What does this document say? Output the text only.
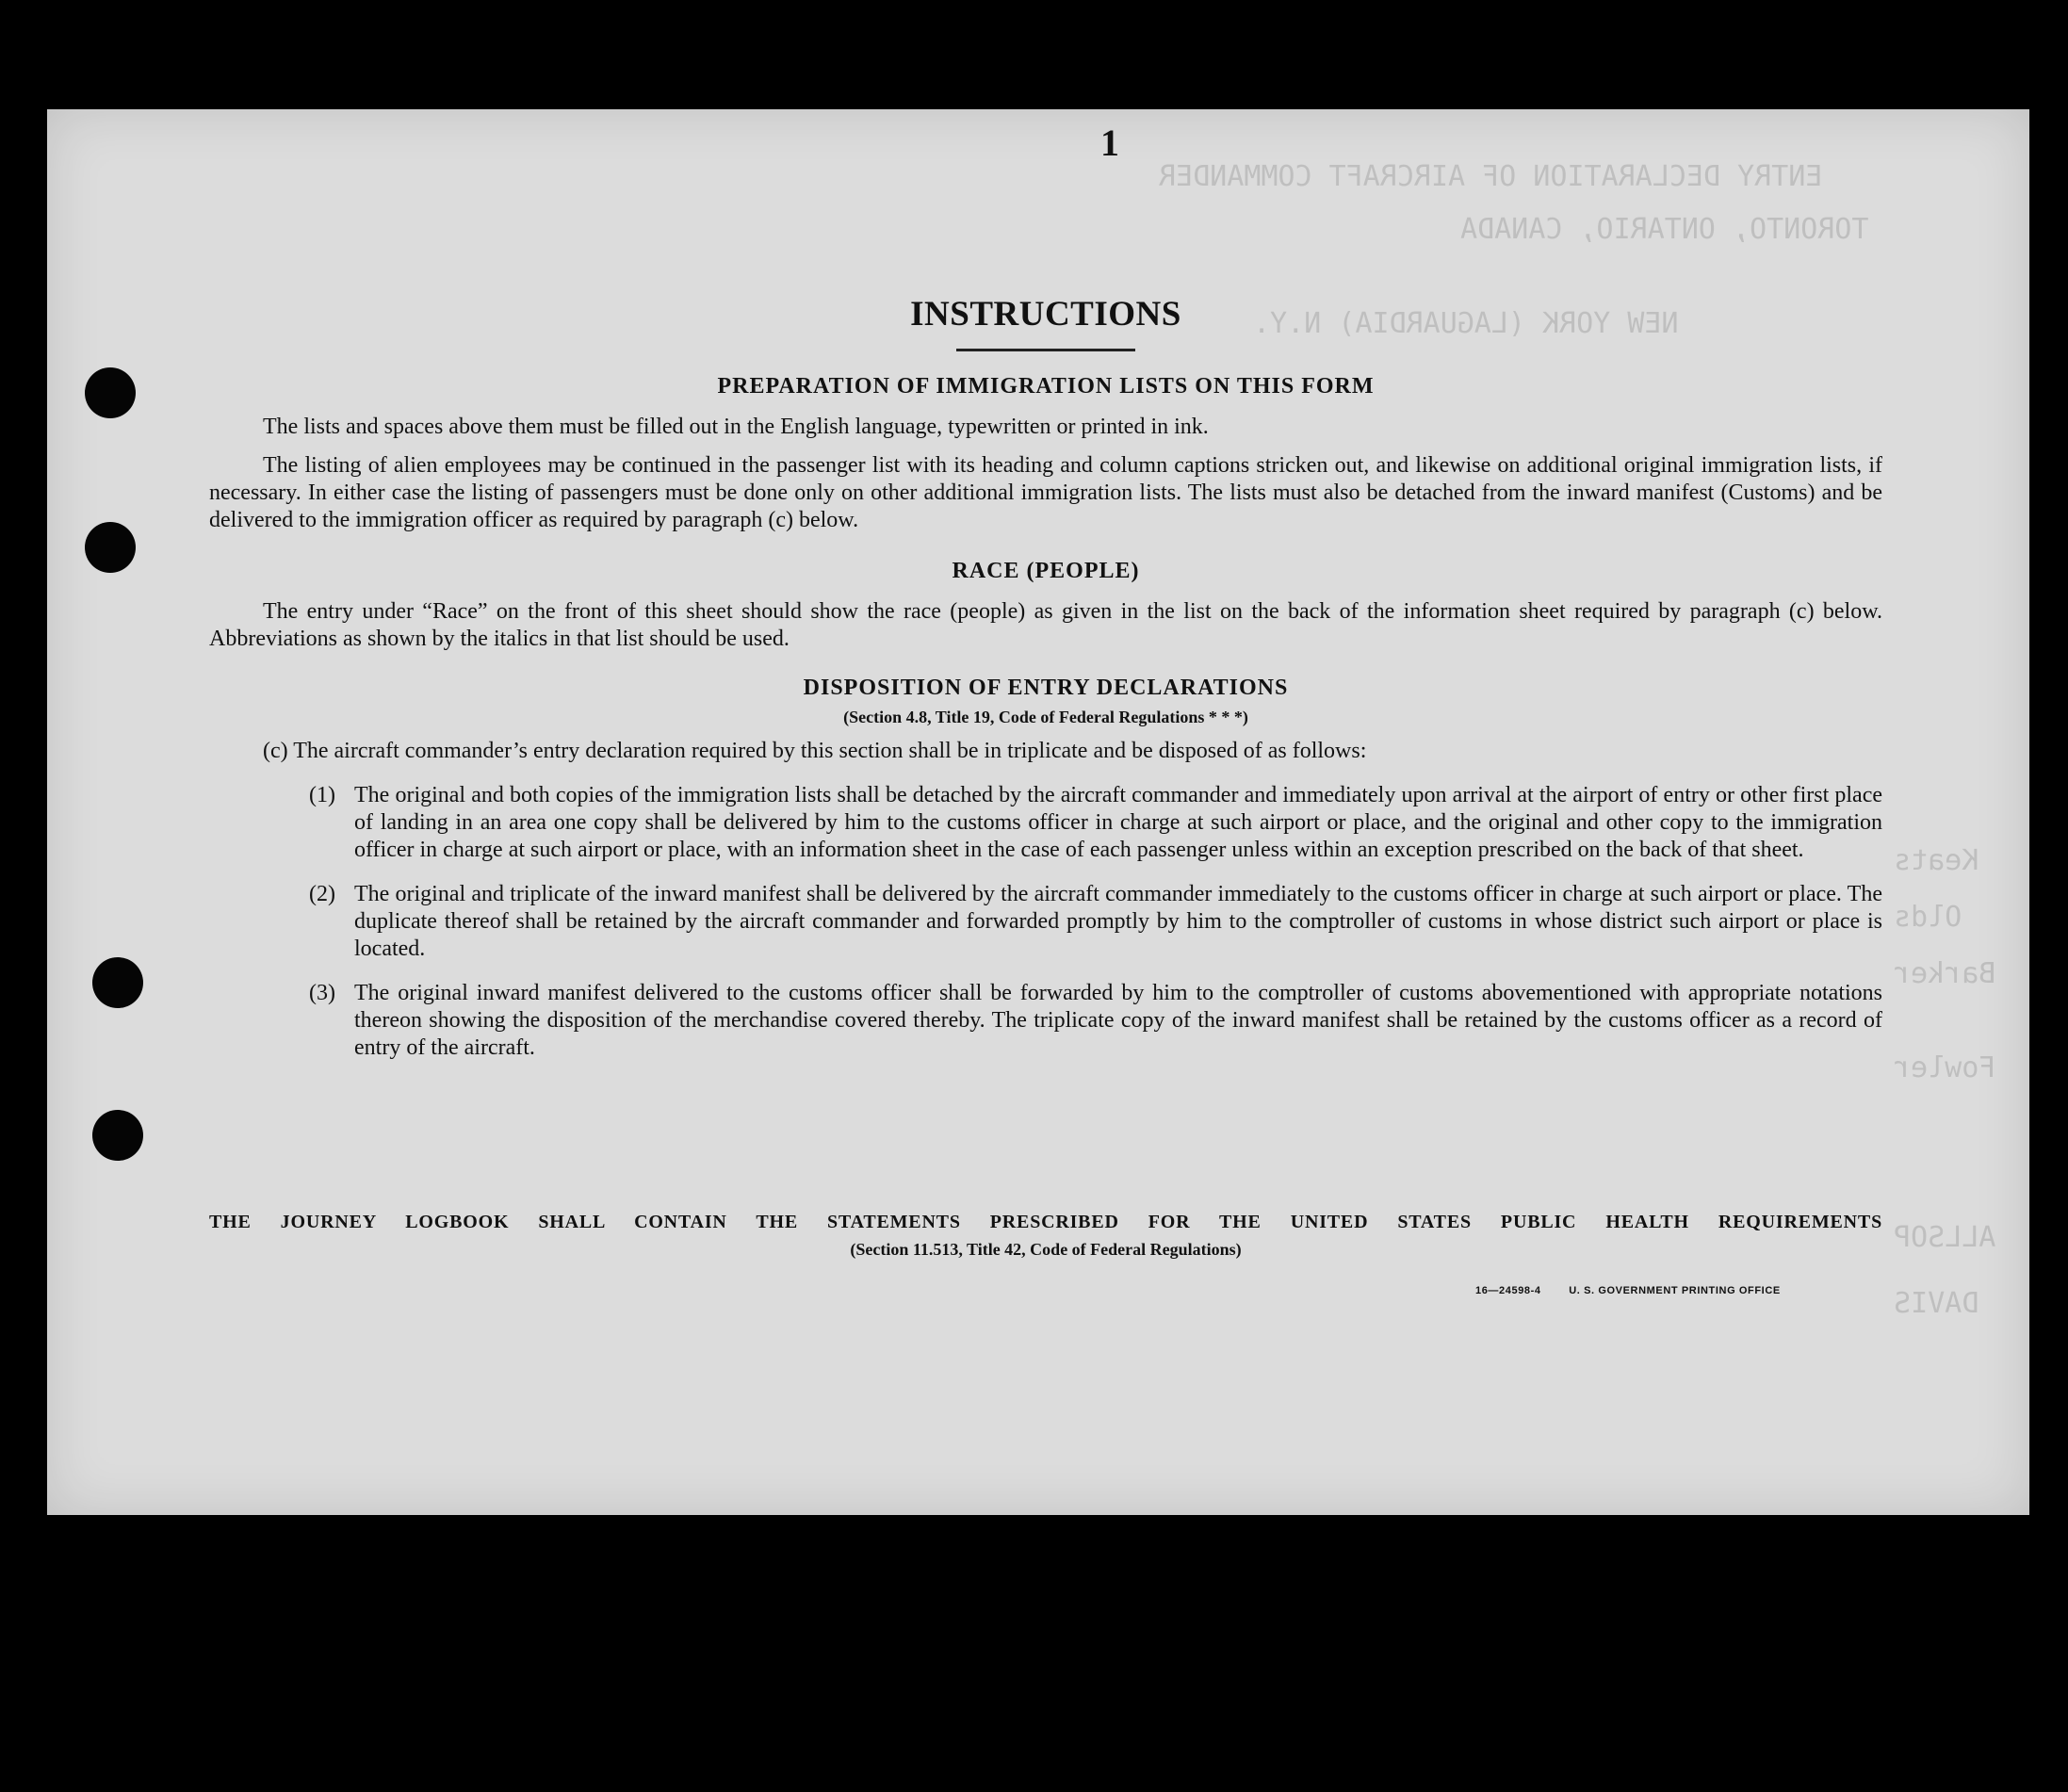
ENTRY DECLARATION OF AIRCRAFT COMMANDER
TORONTO, ONTARIO, CANADA
NEW YORK (LAGUARDIA) N.Y.
Keats
Olds
Barker
Fowler
ALLSOP
DAVIS
1
INSTRUCTIONS
PREPARATION OF IMMIGRATION LISTS ON THIS FORM

The lists and spaces above them must be filled out in the English language, typewritten or printed in ink.

The listing of alien employees may be continued in the passenger list with its heading and column captions stricken out, and likewise on additional original immigration lists, if necessary. In either case the listing of passengers must be done only on other additional immigration lists. The lists must also be detached from the inward manifest (Customs) and be delivered to the immigration officer as required by paragraph (c) below.

RACE (PEOPLE)

The entry under “Race” on the front of this sheet should show the race (people) as given in the list on the back of the information sheet required by paragraph (c) below. Abbreviations as shown by the italics in that list should be used.

DISPOSITION OF ENTRY DECLARATIONS
(Section 4.8, Title 19, Code of Federal Regulations * * *)

(c) The aircraft commander’s entry declaration required by this section shall be in triplicate and be disposed of as follows:

(1) The original and both copies of the immigration lists shall be detached by the aircraft commander and immediately upon arrival at the airport of entry or other first place of landing in an area one copy shall be delivered by him to the customs officer in charge at such airport or place, and the original and other copy to the immigration officer in charge at such airport or place, with an information sheet in the case of each passenger unless within an exception prescribed on the back of that sheet.
(2) The original and triplicate of the inward manifest shall be delivered by the aircraft commander immediately to the customs officer in charge at such airport or place. The duplicate thereof shall be retained by the aircraft commander and forwarded promptly by him to the comptroller of customs in whose district such airport or place is located.
(3) The original inward manifest delivered to the customs officer shall be forwarded by him to the comptroller of customs abovementioned with appropriate notations thereon showing the disposition of the merchandise covered thereby. The triplicate copy of the inward manifest shall be retained by the customs officer as a record of entry of the aircraft.
THE JOURNEY LOGBOOK SHALL CONTAIN THE STATEMENTS PRESCRIBED FOR THE UNITED STATES PUBLIC HEALTH REQUIREMENTS
(Section 11.513, Title 42, Code of Federal Regulations)
16—24598-4	U. S. GOVERNMENT PRINTING OFFICE
